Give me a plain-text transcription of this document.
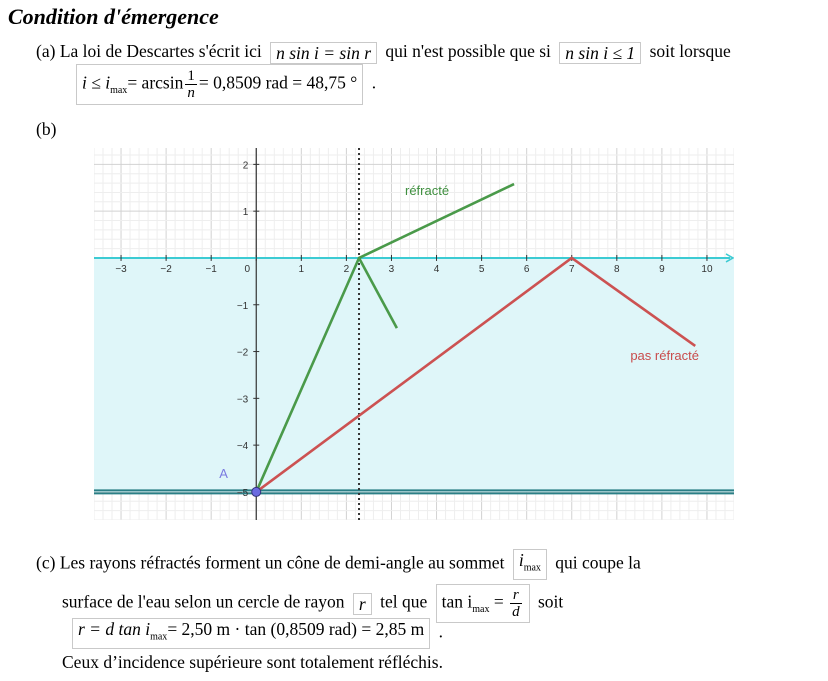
Condition d'émergence
(a) La loi de Descartes s'écrit ici n sin i = sin r qui n'est possible que si n sin i ≤ 1 soit lorsque
$i \le i_{max}= \arcsin \frac{1}{n} = 0,8509$ rad = 48,75 ° .
(b)
−3	−2	−1	0	1	2	3	4	5	6	7	8	9	10
2
1
−1
−2
−3
−4
−5
A
réfracté
pas réfracté
(c) Les rayons réfractés forment un cône de demi-angle au sommet $i_{max}$ qui coupe la
surface de l'eau selon un cercle de rayon r tel que $\tan i_{max} = \frac{r}{d}$ soit
r = d $\tan i_{max}= 2,50$ m · tan (0,8509 rad) = 2,85 m .
Ceux d’incidence supérieure sont totalement réfléchis.
